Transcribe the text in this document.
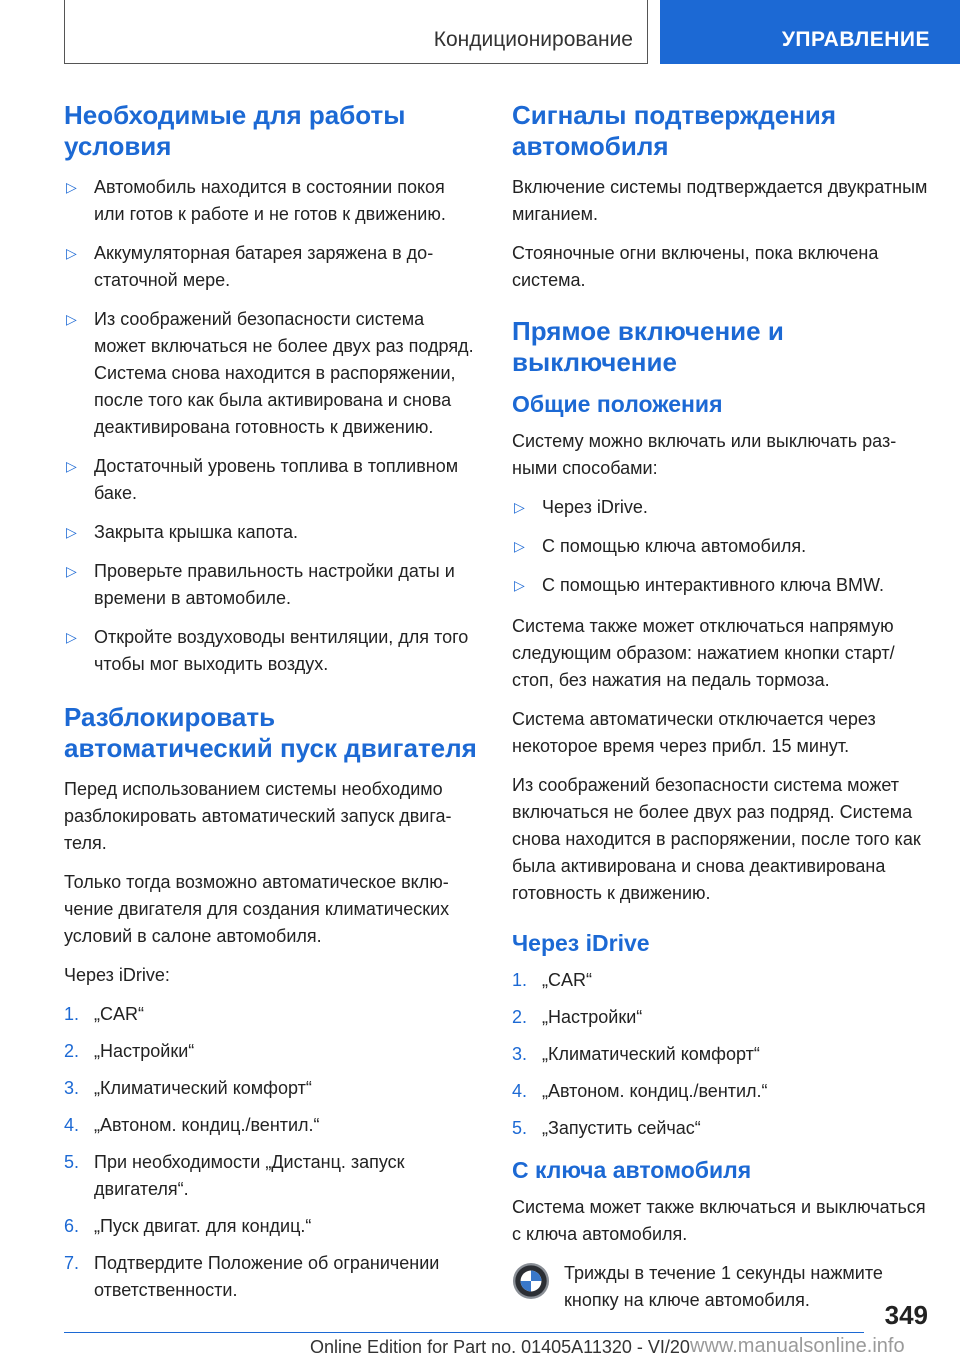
Кондиционирование	УПРАВЛЕНИЕ
Необходимые для работы условия
▷ Автомобиль находится в состоянии покоя или готов к работе и не готов к движению.
▷ Аккумуляторная батарея заряжена в достаточной мере.
▷ Из соображений безопасности система может включаться не более двух раз подряд. Система снова находится в распоряжении, после того как была активирована и снова деактивирована готовность к движению.
▷ Достаточный уровень топлива в топливном баке.
▷ Закрыта крышка капота.
▷ Проверьте правильность настройки даты и времени в автомобиле.
▷ Откройте воздуховоды вентиляции, для того чтобы мог выходить воздух.
Разблокировать автоматический пуск двигателя

Перед использованием системы необходимо разблокировать автоматический запуск двигателя.

Только тогда возможно автоматическое включение двигателя для создания климатических условий в салоне автомобиля.

Через iDrive:

1. „CAR“
2. „Настройки“
3. „Климатический комфорт“
4. „Автоном. кондиц./вентил.“
5. При необходимости „Дистанц. запуск двигателя“.
6. „Пуск двигат. для кондиц.“
7. Подтвердите Положение об ограничении ответственности.
Сигналы подтверждения автомобиля

Включение системы подтверждается двукратным миганием.

Стояночные огни включены, пока включена система.

Прямое включение и выключение
Общие положения

Систему можно включать или выключать разными способами:

▷ Через iDrive.
▷ С помощью ключа автомобиля.
▷ С помощью интерактивного ключа BMW.

Система также может отключаться напрямую следующим образом: нажатием кнопки старт/стоп, без нажатия на педаль тормоза.

Система автоматически отключается через некоторое время через прибл. 15 минут.

Из соображений безопасности система может включаться не более двух раз подряд. Система снова находится в распоряжении, после того как была активирована и снова деактивирована готовность к движению.

Через iDrive
1. „CAR“
2. „Настройки“
3. „Климатический комфорт“
4. „Автоном. кондиц./вентил.“
5. „Запустить сейчас“
С ключа автомобиля

Система может также включаться и выключаться с ключа автомобиля.

Трижды в течение 1 секунды нажмите кнопку на ключе автомобиля.	349
Online Edition for Part no. 01405A11320 - VI/20 www.manualsonline.info
